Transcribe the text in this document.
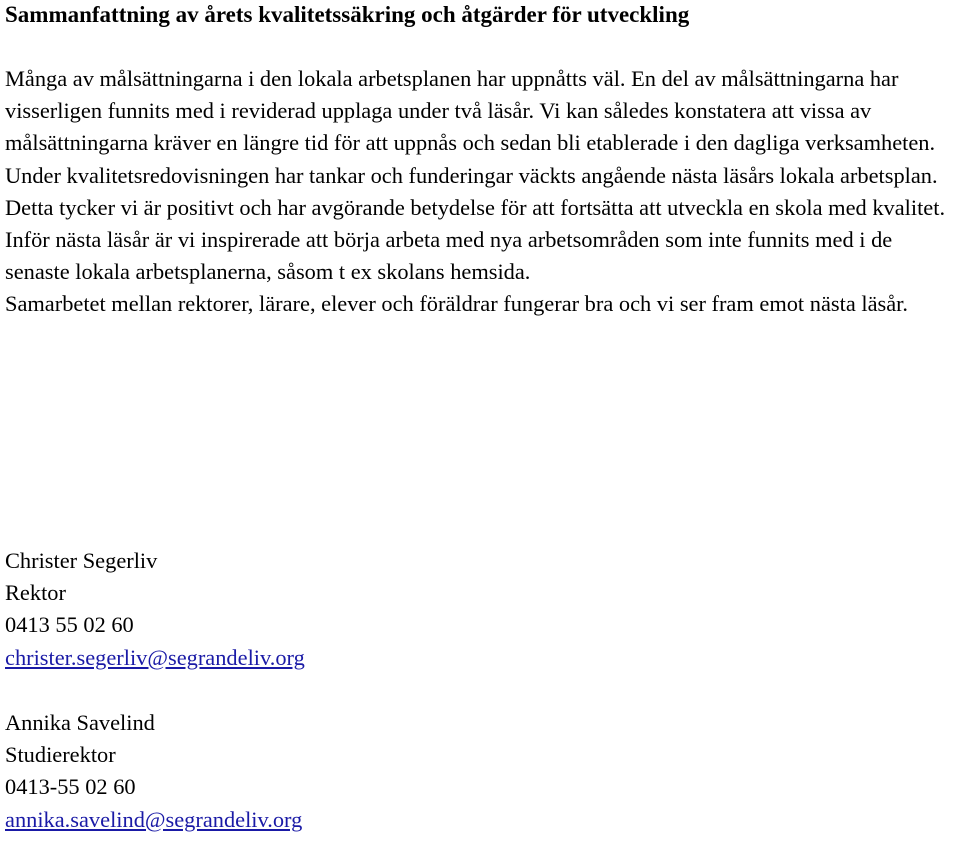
Sammanfattning av årets kvalitetssäkring och åtgärder för utveckling

Många av målsättningarna i den lokala arbetsplanen har uppnåtts väl. En del av målsättningarna har visserligen funnits med i reviderad upplaga under två läsår. Vi kan således konstatera att vissa av målsättningarna kräver en längre tid för att uppnås och sedan bli etablerade i den dagliga verksamheten.

Under kvalitetsredovisningen har tankar och funderingar väckts angående nästa läsårs lokala arbetsplan. Detta tycker vi är positivt och har avgörande betydelse för att fortsätta att utveckla en skola med kvalitet.

Inför nästa läsår är vi inspirerade att börja arbeta med nya arbetsområden som inte funnits med i de senaste lokala arbetsplanerna, såsom t ex skolans hemsida.

Samarbetet mellan rektorer, lärare, elever och föräldrar fungerar bra och vi ser fram emot nästa läsår.

Christer Segerliv
Rektor
0413 55 02 60
christer.segerliv@segrandeliv.org
Annika Savelind
Studierektor
0413-55 02 60
annika.savelind@segrandeliv.org
